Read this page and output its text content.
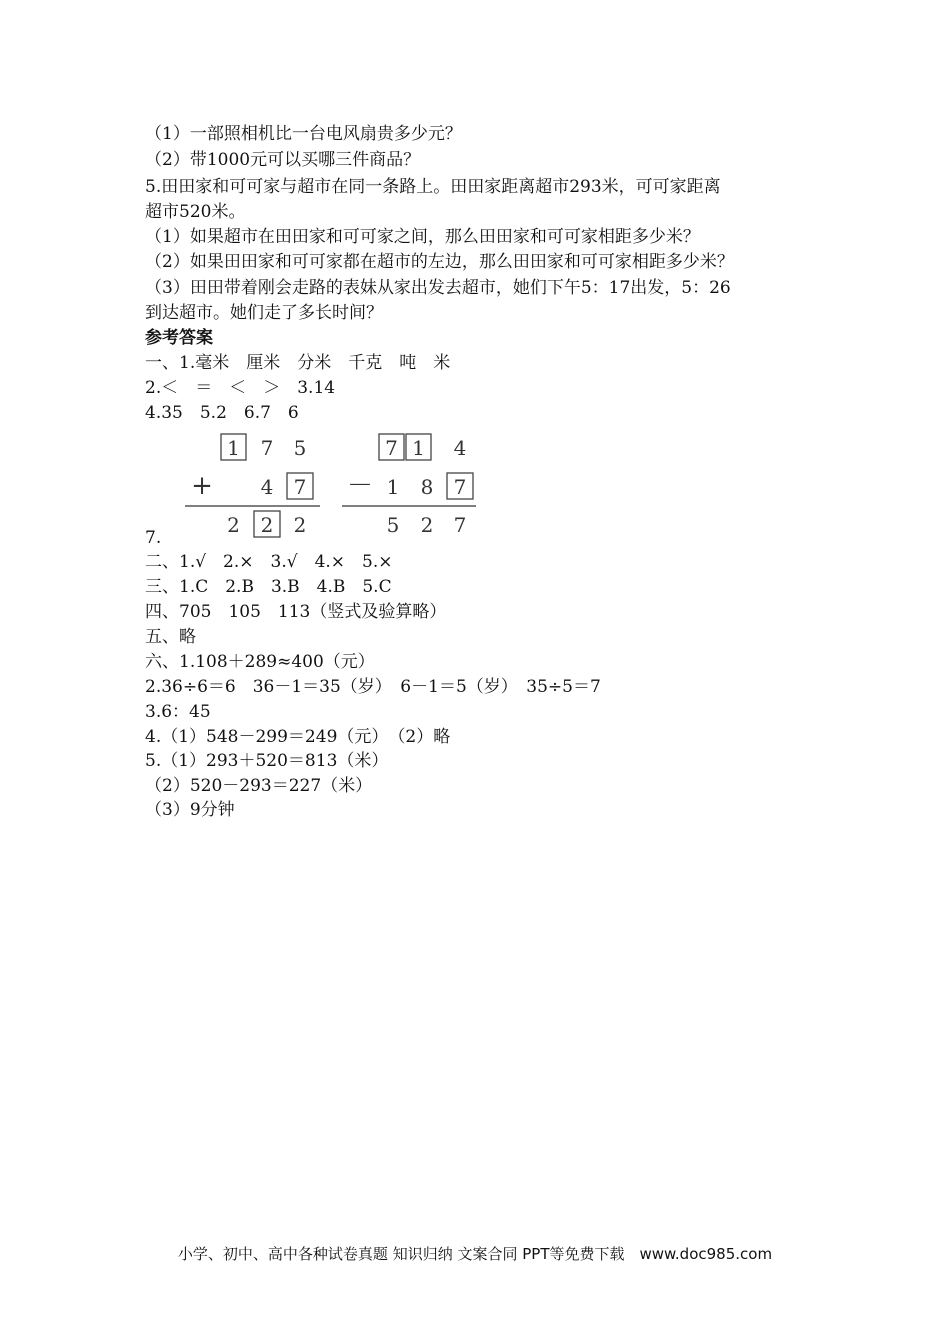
（1）一部照相机比一台电风扇贵多少元？
（2）带1000元可以买哪三件商品？
5.田田家和可可家与超市在同一条路上。田田家距离超市293米，可可家距离
超市520米。
（1）如果超市在田田家和可可家之间，那么田田家和可可家相距多少米？
（2）如果田田家和可可家都在超市的左边，那么田田家和可可家相距多少米？
（3）田田带着刚会走路的表妹从家出发去超市，她们下午5：17出发，5：26
到达超市。她们走了多长时间？
参考答案
一、1.毫米　厘米　分米　千克　吨　米
2.＜　＝　＜　＞　3.14
4.35　5.2　6.7　6
1 7 5
+ 4 7
2 2 2
7 1 4
－ 1 8 7
5 2 7
7.
二、1.√　2.×　3.√　4.×　5.×
三、1.C　2.B　3.B　4.B　5.C
四、705　105　113（竖式及验算略）
五、略
六、1.108＋289≈400（元）
2.36÷6＝6　36－1＝35（岁）　6－1＝5（岁）　35÷5＝7
3.6：45
4.（1）548－299＝249（元）　（2）略
5.（1）293＋520＝813（米）
（2）520－293＝227（米）
（3）9分钟
小学、初中、高中各种试卷真题 知识归纳 文案合同 PPT等免费下载　www.doc985.com
